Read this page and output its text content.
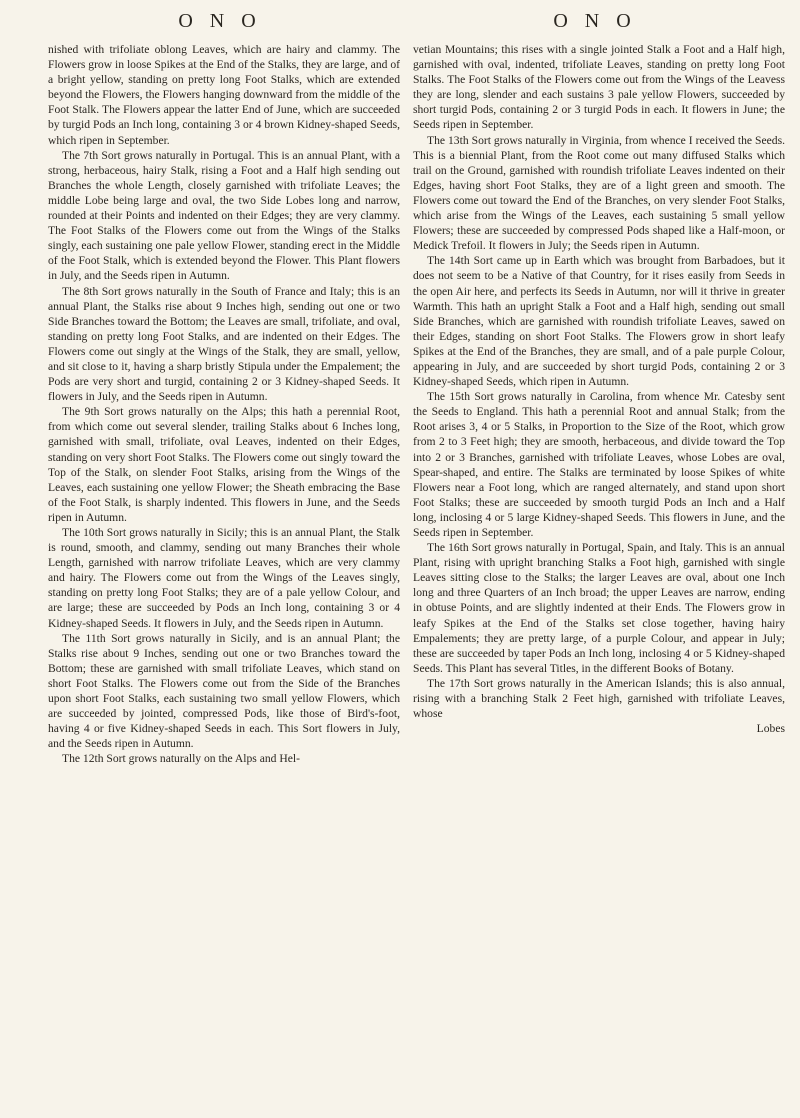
O N O	O N O

nished with trifoliate oblong Leaves, which are hairy and clammy. The Flowers grow in loose Spikes at the End of the Stalks, they are large, and of a bright yellow, standing on pretty long Foot Stalks, which are extended beyond the Flowers, the Flowers hanging downward from the middle of the Foot Stalk. The Flowers appear the latter End of June, which are succeeded by turgid Pods an Inch long, containing 3 or 4 brown Kidney-shaped Seeds, which ripen in September.

The 7th Sort grows naturally in Portugal. This is an annual Plant, with a strong, herbaceous, hairy Stalk, rising a Foot and a Half high sending out Branches the whole Length, closely garnished with trifoliate Leaves; the middle Lobe being large and oval, the two Side Lobes long and narrow, rounded at their Points and indented on their Edges; they are very clammy. The Foot Stalks of the Flowers come out from the Wings of the Stalks singly, each sustaining one pale yellow Flower, standing erect in the Middle of the Foot Stalk, which is extended beyond the Flower. This Plant flowers in July, and the Seeds ripen in Autumn.

The 8th Sort grows naturally in the South of France and Italy; this is an annual Plant, the Stalks rise about 9 Inches high, sending out one or two Side Branches toward the Bottom; the Leaves are small, trifoliate, and oval, standing on pretty long Foot Stalks, and are indented on their Edges. The Flowers come out singly at the Wings of the Stalk, they are small, yellow, and sit close to it, having a sharp bristly Stipula under the Empalement; the Pods are very short and turgid, containing 2 or 3 Kidney-shaped Seeds. It flowers in July, and the Seeds ripen in Autumn.

The 9th Sort grows naturally on the Alps; this hath a perennial Root, from which come out several slender, trailing Stalks about 6 Inches long, garnished with small, trifoliate, oval Leaves, indented on their Edges, standing on very short Foot Stalks. The Flowers come out singly toward the Top of the Stalk, on slender Foot Stalks, arising from the Wings of the Leaves, each sustaining one yellow Flower; the Sheath embracing the Base of the Foot Stalk, is sharply indented. This flowers in June, and the Seeds ripen in Autumn.

The 10th Sort grows naturally in Sicily; this is an annual Plant, the Stalk is round, smooth, and clammy, sending out many Branches their whole Length, garnished with narrow trifoliate Leaves, which are very clammy and hairy. The Flowers come out from the Wings of the Leaves singly, standing on pretty long Foot Stalks; they are of a pale yellow Colour, and are large; these are succeeded by Pods an Inch long, containing 3 or 4 Kidney-shaped Seeds. It flowers in July, and the Seeds ripen in Autumn.

The 11th Sort grows naturally in Sicily, and is an annual Plant; the Stalks rise about 9 Inches, sending out one or two Branches toward the Bottom; these are garnished with small trifoliate Leaves, which stand on short Foot Stalks. The Flowers come out from the Side of the Branches upon short Foot Stalks, each sustaining two small yellow Flowers, which are succeeded by jointed, compressed Pods, like those of Bird's-foot, having 4 or five Kidney-shaped Seeds in each. This Sort flowers in July, and the Seeds ripen in Autumn.

The 12th Sort grows naturally on the Alps and Hel-

vetian Mountains; this rises with a single jointed Stalk a Foot and a Half high, garnished with oval, indented, trifoliate Leaves, standing on pretty long Foot Stalks. The Foot Stalks of the Flowers come out from the Wings of the Leavess they are long, slender and each sustains 3 pale yellow Flowers, succeeded by short turgid Pods, containing 2 or 3 turgid Pods in each. It flowers in June; the Seeds ripen in September.

The 13th Sort grows naturally in Virginia, from whence I received the Seeds. This is a biennial Plant, from the Root come out many diffused Stalks which trail on the Ground, garnished with roundish trifoliate Leaves indented on their Edges, having short Foot Stalks, they are of a light green and smooth. The Flowers come out toward the End of the Branches, on very slender Foot Stalks, which arise from the Wings of the Leaves, each sustaining 5 small yellow Flowers; these are succeeded by compressed Pods shaped like a Half-moon, or Medick Trefoil. It flowers in July; the Seeds ripen in Autumn.

The 14th Sort came up in Earth which was brought from Barbadoes, but it does not seem to be a Native of that Country, for it rises easily from Seeds in the open Air here, and perfects its Seeds in Autumn, nor will it thrive in greater Warmth. This hath an upright Stalk a Foot and a Half high, sending out small Side Branches, which are garnished with roundish trifoliate Leaves, sawed on their Edges, standing on short Foot Stalks. The Flowers grow in short leafy Spikes at the End of the Branches, they are small, and of a pale purple Colour, appearing in July, and are succeeded by short turgid Pods, containing 2 or 3 Kidney-shaped Seeds, which ripen in Autumn.

The 15th Sort grows naturally in Carolina, from whence Mr. Catesby sent the Seeds to England. This hath a perennial Root and annual Stalk; from the Root arises 3, 4 or 5 Stalks, in Proportion to the Size of the Root, which grow from 2 to 3 Feet high; they are smooth, herbaceous, and divide toward the Top into 2 or 3 Branches, garnished with trifoliate Leaves, whose Lobes are oval, Spear-shaped, and entire. The Stalks are terminated by loose Spikes of white Flowers near a Foot long, which are ranged alternately, and stand upon short Foot Stalks; these are succeeded by smooth turgid Pods an Inch and a Half long, inclosing 4 or 5 large Kidney-shaped Seeds. This flowers in June, and the Seeds ripen in September.

The 16th Sort grows naturally in Portugal, Spain, and Italy. This is an annual Plant, rising with upright branching Stalks a Foot high, garnished with single Leaves sitting close to the Stalks; the larger Leaves are oval, about one Inch long and three Quarters of an Inch broad; the upper Leaves are narrow, ending in obtuse Points, and are slightly indented at their Ends. The Flowers grow in leafy Spikes at the End of the Stalks set close together, having hairy Empalements; they are pretty large, of a purple Colour, and appear in July; these are succeeded by taper Pods an Inch long, inclosing 4 or 5 Kidney-shaped Seeds. This Plant has several Titles, in the different Books of Botany.

The 17th Sort grows naturally in the American Islands; this is also annual, rising with a branching Stalk 2 Feet high, garnished with trifoliate Leaves, whose

Lobes
